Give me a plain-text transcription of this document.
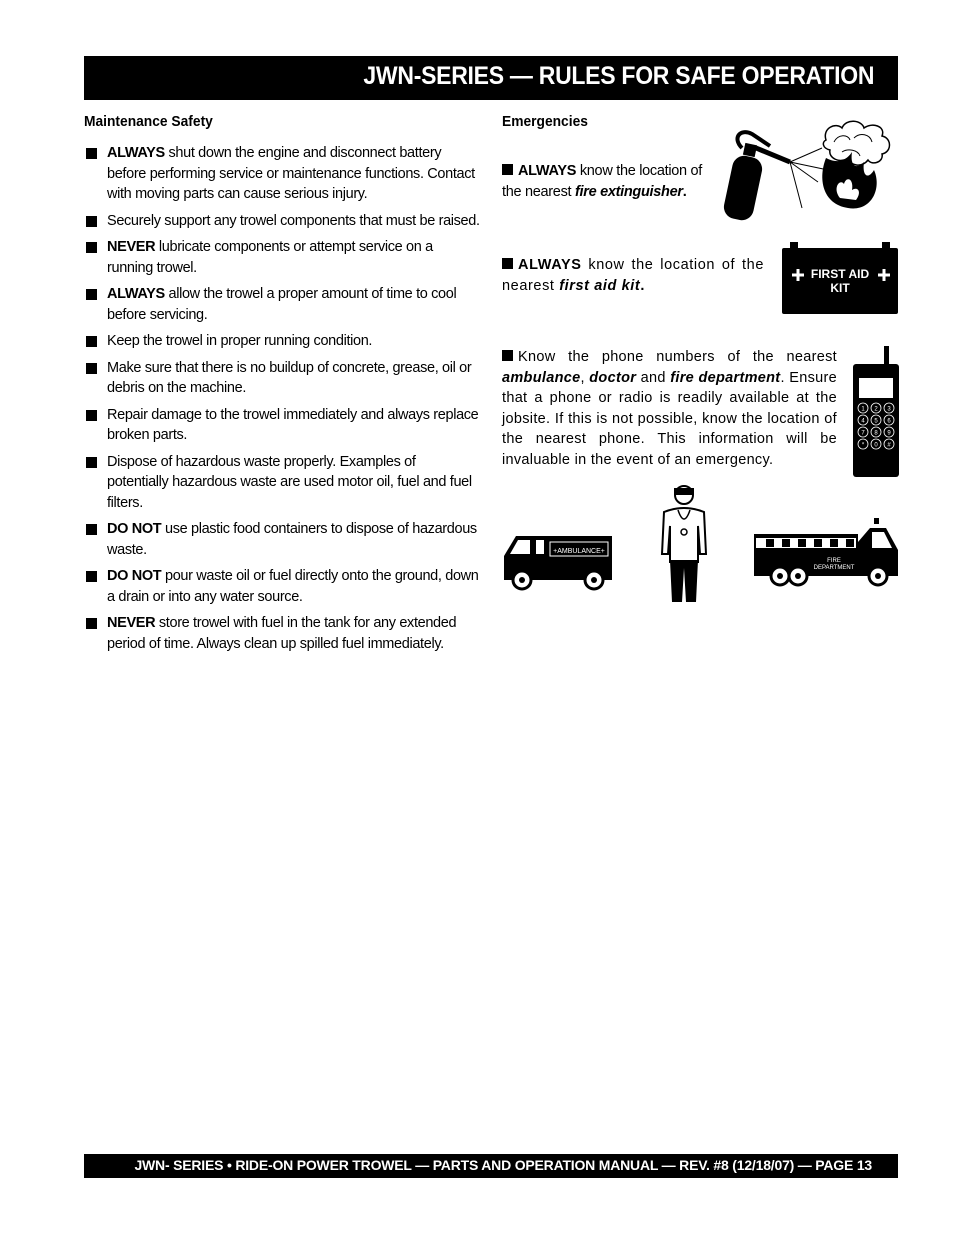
JWN-SERIES — RULES FOR SAFE OPERATION
Maintenance Safety
ALWAYS shut down the engine and disconnect battery before performing service or maintenance functions. Contact with moving parts can cause serious injury.
Securely support any trowel components that must be raised.
NEVER lubricate components or attempt service on a running trowel.
ALWAYS allow the trowel a proper amount of time to cool before servicing.
Keep the trowel in proper running condition.
Make sure that there is no buildup of concrete, grease, oil or debris on the machine.
Repair damage to the trowel immediately and always replace broken parts.
Dispose of hazardous waste properly. Examples of potentially hazardous waste are used motor oil, fuel and fuel filters.
DO NOT use plastic food containers to dispose of hazardous waste.
DO NOT pour waste oil or fuel directly onto the ground, down a drain or into any water source.
NEVER store trowel with fuel in the tank for any extended period of time. Always clean up spilled fuel immediately.
Emergencies
ALWAYS know the location of the nearest fire extinguisher.
ALWAYS know the location of the nearest first aid kit.
Know the phone numbers of the nearest ambulance, doctor and fire department. Ensure that a phone or radio is readily available at the jobsite. If this is not possible, know the location of the nearest phone. This information will be invaluable in the event of an emergency.
FIRST AID
KIT
1 2 3
4 5 6
7 8 9
* 0 #
+AMBULANCE+
FIRE
DEPARTMENT
JWN- SERIES • RIDE-ON POWER TROWEL — PARTS AND OPERATION MANUAL — REV. #8 (12/18/07) — PAGE 13
